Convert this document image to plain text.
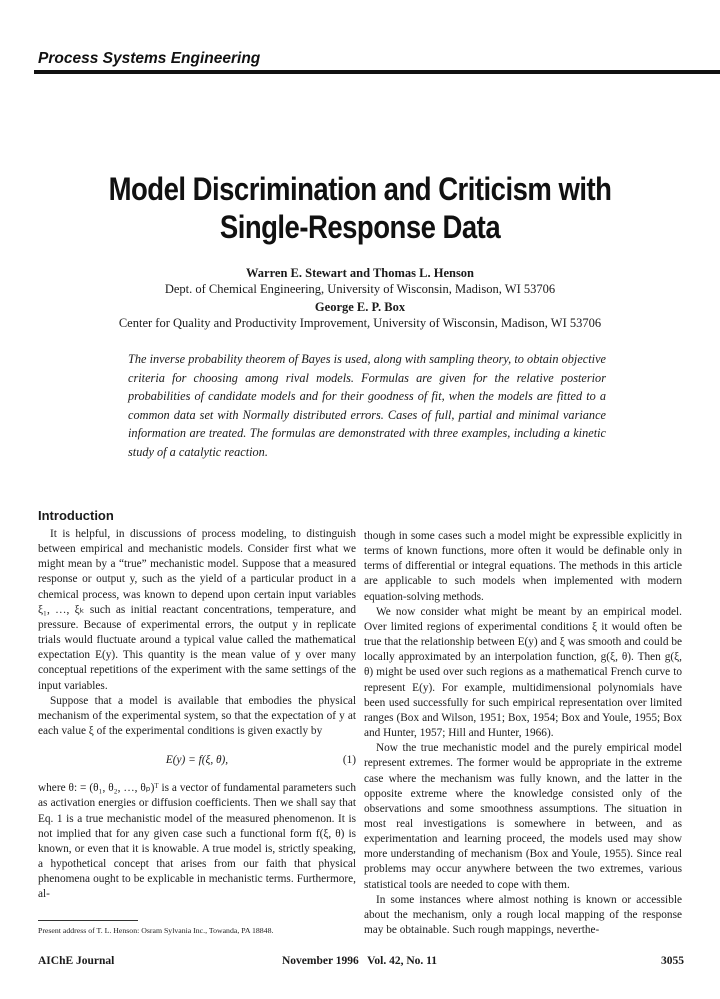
Process Systems Engineering
Model Discrimination and Criticism with
Single-Response Data
Warren E. Stewart and Thomas L. Henson
Dept. of Chemical Engineering, University of Wisconsin, Madison, WI 53706
George E. P. Box
Center for Quality and Productivity Improvement, University of Wisconsin, Madison, WI 53706
The inverse probability theorem of Bayes is used, along with sampling theory, to obtain objective criteria for choosing among rival models. Formulas are given for the relative posterior probabilities of candidate models and for their goodness of fit, when the models are fitted to a common data set with Normally distributed errors. Cases of full, partial and minimal variance information are treated. The formulas are demonstrated with three examples, including a kinetic study of a catalytic reaction.
Introduction

It is helpful, in discussions of process modeling, to distinguish between empirical and mechanistic models. Consider first what we might mean by a “true” mechanistic model. Suppose that a measured response or output y, such as the yield of a particular product in a chemical process, was known to depend upon certain input variables ξ₁, …, ξₖ such as initial reactant concentrations, temperature, and pressure. Because of experimental errors, the output y in replicate trials would fluctuate around a typical value called the mathematical expectation E(y). This quantity is the mean value of y over many conceptual repetitions of the experiment with the same settings of the input variables.

Suppose that a model is available that embodies the physical mechanism of the experimental system, so that the expectation of y at each value ξ of the experimental conditions is given exactly by

E(y) = f(ξ, θ),	(1)

where θ: = (θ₁, θ₂, …, θₚ)ᵀ is a vector of fundamental parameters such as activation energies or diffusion coefficients. Then we shall say that Eq. 1 is a true mechanistic model of the measured phenomenon. It is not implied that for any given case such a functional form f(ξ, θ) is known, or even that it is knowable. A true model is, strictly speaking, a hypothetical concept that arises from our faith that physical phenomena ought to be explicable in mechanistic terms. Furthermore, al-

though in some cases such a model might be expressible explicitly in terms of known functions, more often it would be definable only in terms of differential or integral equations. The methods in this article are applicable to such models when implemented with modern equation-solving methods.

We now consider what might be meant by an empirical model. Over limited regions of experimental conditions ξ it would often be true that the relationship between E(y) and ξ was smooth and could be locally approximated by an interpolation function, g(ξ, θ). Then g(ξ, θ) might be used over such regions as a mathematical French curve to represent E(y). For example, multidimensional polynomials have been used successfully for such empirical representation over limited ranges (Box and Wilson, 1951; Box, 1954; Box and Youle, 1955; Box and Hunter, 1957; Hill and Hunter, 1966).

Now the true mechanistic model and the purely empirical model represent extremes. The former would be appropriate in the extreme case where the mechanism was fully known, and the latter in the opposite extreme where the knowledge consisted only of the observations and some smoothness assumptions. The situation in most real investigations is somewhere in between, and as experimentation and learning proceed, the models used may show more understanding of mechanism (Box and Youle, 1955). Since real problems may occur anywhere between the two extremes, various statistical tools are needed to cope with them.

In some instances where almost nothing is known or accessible about the mechanism, only a rough local mapping of the response may be obtainable. Such rough mappings, neverthe-

Present address of T. L. Henson: Osram Sylvania Inc., Towanda, PA 18848.
AIChE Journal	November 1996   Vol. 42, No. 11	3055
